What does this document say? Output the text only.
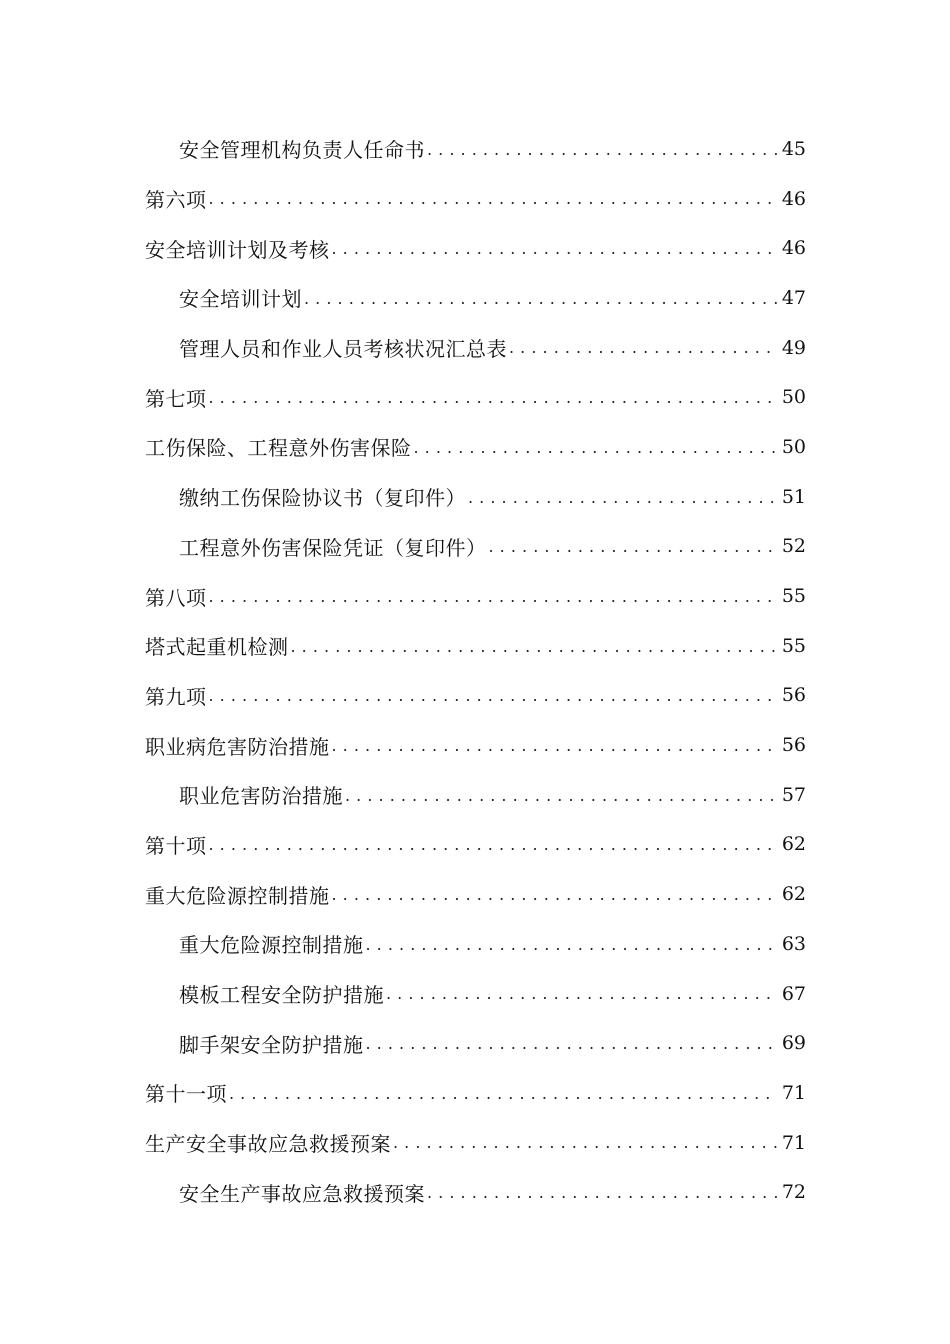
安全管理机构负责人任命书 . . .	45
第六项 . . .	46
安全培训计划及考核 . . .	46
安全培训计划 . . .	47
管理人员和作业人员考核状况汇总表 . . .	49
第七项 . . .	50
工伤保险、工程意外伤害保险 . . .	50
缴纳工伤保险协议书（复印件） . . .	51
工程意外伤害保险凭证（复印件） . . .	52
第八项 . . .	55
塔式起重机检测 . . .	55
第九项 . . .	56
职业病危害防治措施 . . .	56
职业危害防治措施 . . .	57
第十项 . . .	62
重大危险源控制措施 . . .	62
重大危险源控制措施 . . .	63
模板工程安全防护措施 . . .	67
脚手架安全防护措施 . . .	69
第十一项 . . .	71
生产安全事故应急救援预案 . . .	71
安全生产事故应急救援预案 . . .	72
